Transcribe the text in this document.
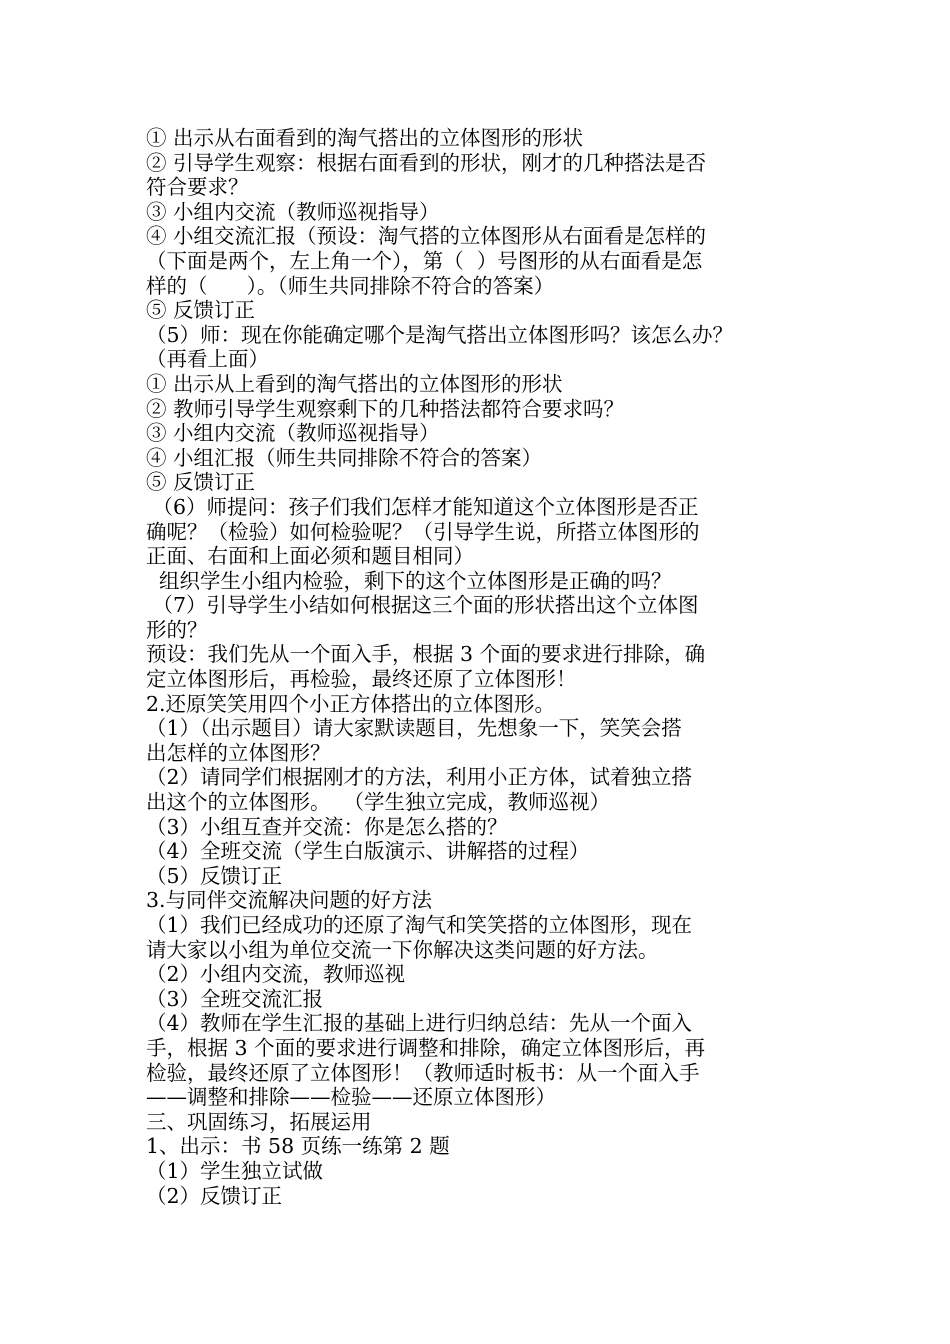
① 出示从右面看到的淘气搭出的立体图形的形状
② 引导学生观察：根据右面看到的形状，刚才的几种搭法是否
符合要求？
③ 小组内交流（教师巡视指导）
④ 小组交流汇报（预设：淘气搭的立体图形从右面看是怎样的
（下面是两个，左上角一个），第（  ）号图形的从右面看是怎
样的（      ）。（师生共同排除不符合的答案）
⑤ 反馈订正
（5）师：现在你能确定哪个是淘气搭出立体图形吗？该怎么办？
（再看上面）
① 出示从上看到的淘气搭出的立体图形的形状
② 教师引导学生观察剩下的几种搭法都符合要求吗？
③ 小组内交流（教师巡视指导）
④ 小组汇报（师生共同排除不符合的答案）
⑤ 反馈订正
（6）师提问：孩子们我们怎样才能知道这个立体图形是否正
确呢？（检验）如何检验呢？（引导学生说，所搭立体图形的
正面、右面和上面必须和题目相同）
组织学生小组内检验，剩下的这个立体图形是正确的吗？
（7）引导学生小结如何根据这三个面的形状搭出这个立体图
形的？
预设：我们先从一个面入手，根据 3 个面的要求进行排除，确
定立体图形后，再检验，最终还原了立体图形！
2.还原笑笑用四个小正方体搭出的立体图形。
（1）（出示题目）请大家默读题目，先想象一下，笑笑会搭
出怎样的立体图形？
（2）请同学们根据刚才的方法，利用小正方体，试着独立搭
出这个的立体图形。  （学生独立完成，教师巡视）
（3）小组互查并交流：你是怎么搭的？
（4）全班交流（学生白版演示、讲解搭的过程）
（5）反馈订正
3.与同伴交流解决问题的好方法
（1）我们已经成功的还原了淘气和笑笑搭的立体图形，现在
请大家以小组为单位交流一下你解决这类问题的好方法。
（2）小组内交流，教师巡视
（3）全班交流汇报
（4）教师在学生汇报的基础上进行归纳总结：先从一个面入
手，根据 3 个面的要求进行调整和排除，确定立体图形后，再
检验，最终还原了立体图形！（教师适时板书：从一个面入手
——调整和排除——检验——还原立体图形）
三、巩固练习，拓展运用
1、出示：书 58 页练一练第 2 题
（1）学生独立试做
（2）反馈订正
